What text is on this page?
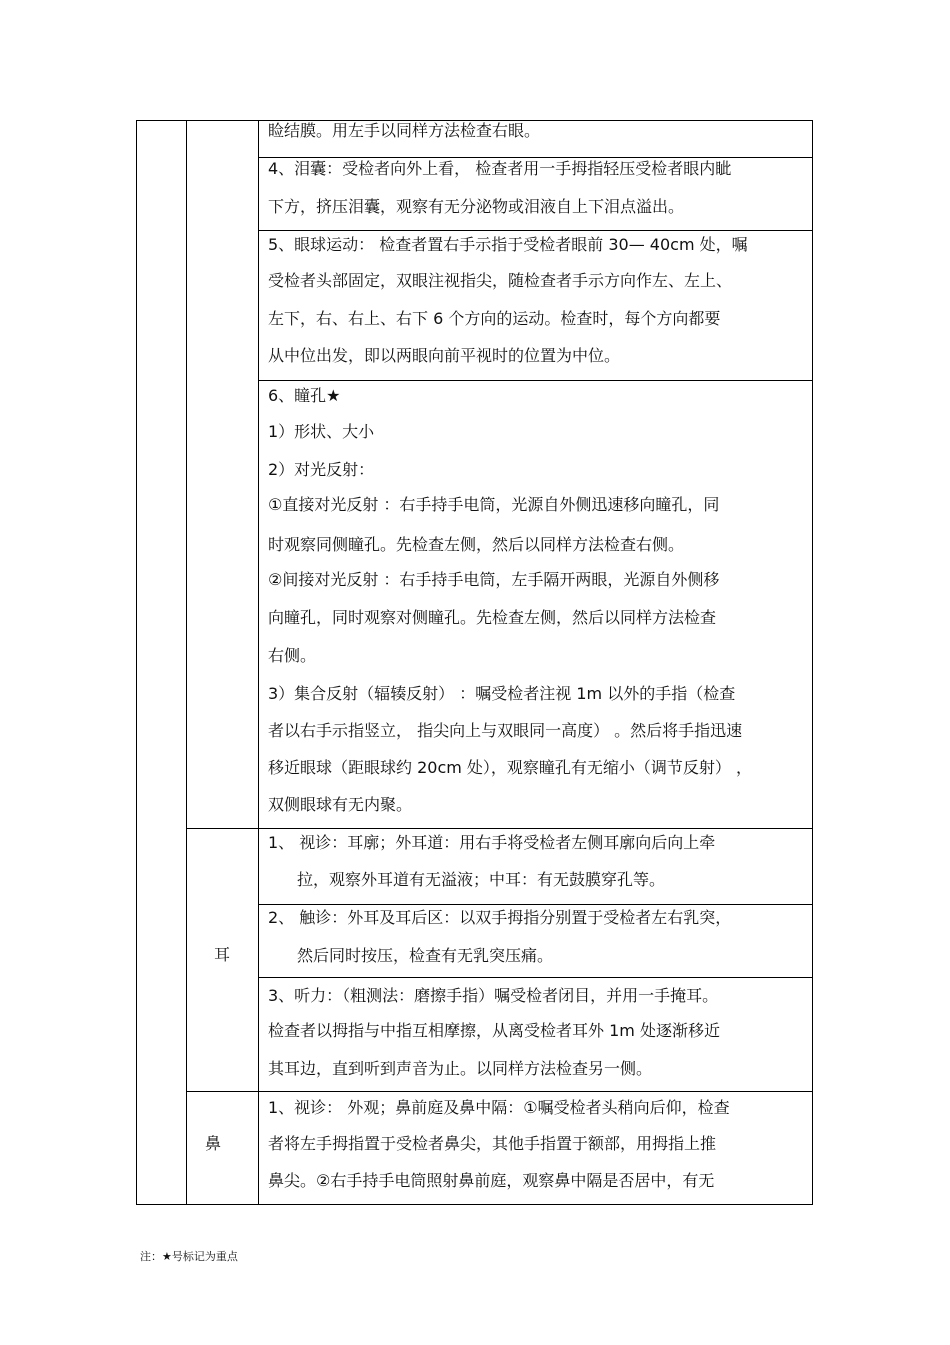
耳
鼻
睑结膜。用左手以同样方法检查右眼。
4、泪囊：受检者向外上看， 检查者用一手拇指轻压受检者眼内眦
下方，挤压泪囊，观察有无分泌物或泪液自上下泪点溢出。
5、眼球运动： 检查者置右手示指于受检者眼前 30— 40cm 处，嘱
受检者头部固定，双眼注视指尖，随检查者手示方向作左、左上、
左下，右、右上、右下 6 个方向的运动。检查时，每个方向都要
从中位出发，即以两眼向前平视时的位置为中位。
6、瞳孔★
1）形状、大小
2）对光反射：
①直接对光反射 ：右手持手电筒，光源自外侧迅速移向瞳孔，同
时观察同侧瞳孔。先检查左侧，然后以同样方法检查右侧。
②间接对光反射 ：右手持手电筒，左手隔开两眼，光源自外侧移
向瞳孔，同时观察对侧瞳孔。先检查左侧，然后以同样方法检查
右侧。
3）集合反射（辐辏反射） ：嘱受检者注视 1m 以外的手指（检查
者以右手示指竖立， 指尖向上与双眼同一高度） 。然后将手指迅速
移近眼球（距眼球约 20cm 处），观察瞳孔有无缩小（调节反射） ，
双侧眼球有无内聚。
1、 视诊：耳廓；外耳道：用右手将受检者左侧耳廓向后向上牵
拉，观察外耳道有无溢液；中耳：有无鼓膜穿孔等。
2、 触诊：外耳及耳后区：以双手拇指分别置于受检者左右乳突，
然后同时按压，检查有无乳突压痛。
3、听力：（粗测法：磨擦手指）嘱受检者闭目，并用一手掩耳。
检查者以拇指与中指互相摩擦，从离受检者耳外 1m 处逐渐移近
其耳边，直到听到声音为止。以同样方法检查另一侧。
1、视诊： 外观；鼻前庭及鼻中隔：①嘱受检者头稍向后仰，检查
者将左手拇指置于受检者鼻尖，其他手指置于额部，用拇指上推
鼻尖。②右手持手电筒照射鼻前庭，观察鼻中隔是否居中，有无
注：★号标记为重点
